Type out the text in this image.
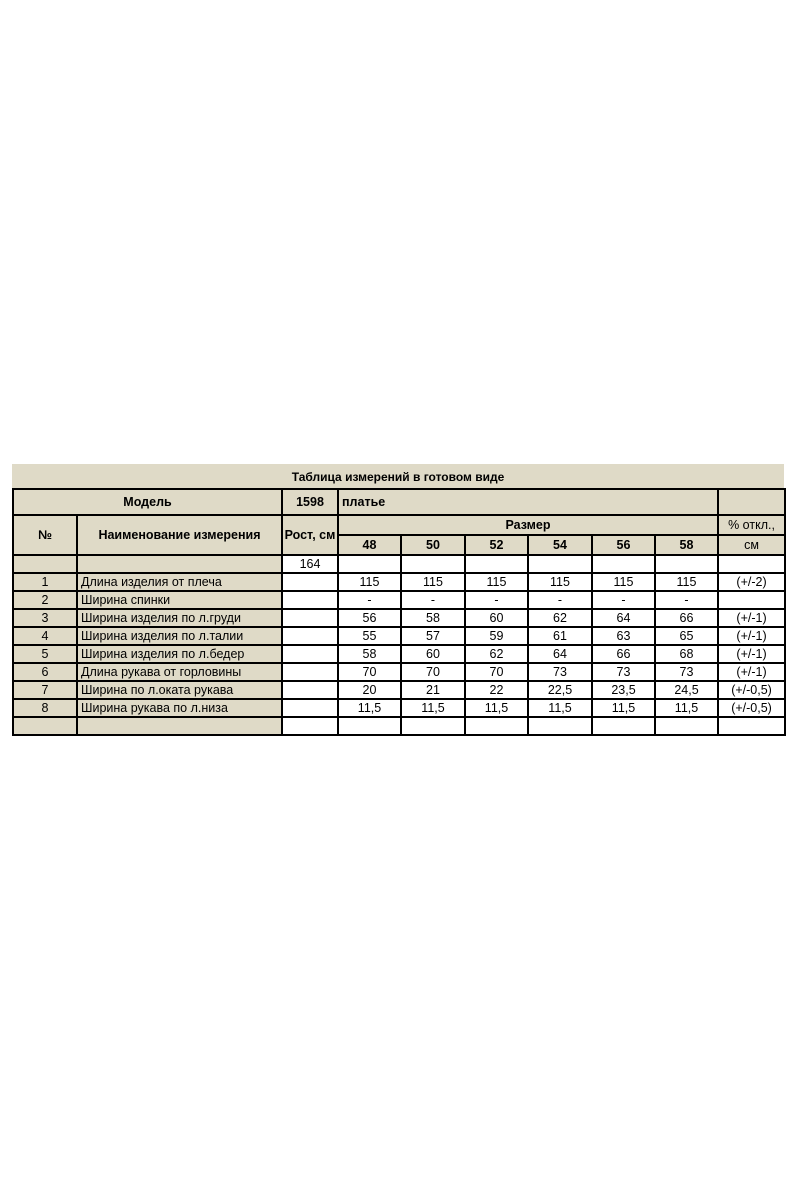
Таблица измерений в готовом виде
Модель		1598	платье						
№	Наименование измерения	Рост, см	Размер						% откл.,
			48	50	52	54	56	58	см
		164							
1	Длина изделия от плеча		115	115	115	115	115	115	(+/-2)
2	Ширина спинки		-	-	-	-	-	-	
3	Ширина изделия по л.груди		56	58	60	62	64	66	(+/-1)
4	Ширина изделия по л.талии		55	57	59	61	63	65	(+/-1)
5	Ширина изделия по л.бедер		58	60	62	64	66	68	(+/-1)
6	Длина рукава от горловины		70	70	70	73	73	73	(+/-1)
7	Ширина по л.оката рукава		20	21	22	22,5	23,5	24,5	(+/-0,5)
8	Ширина рукава по л.низа		11,5	11,5	11,5	11,5	11,5	11,5	(+/-0,5)
